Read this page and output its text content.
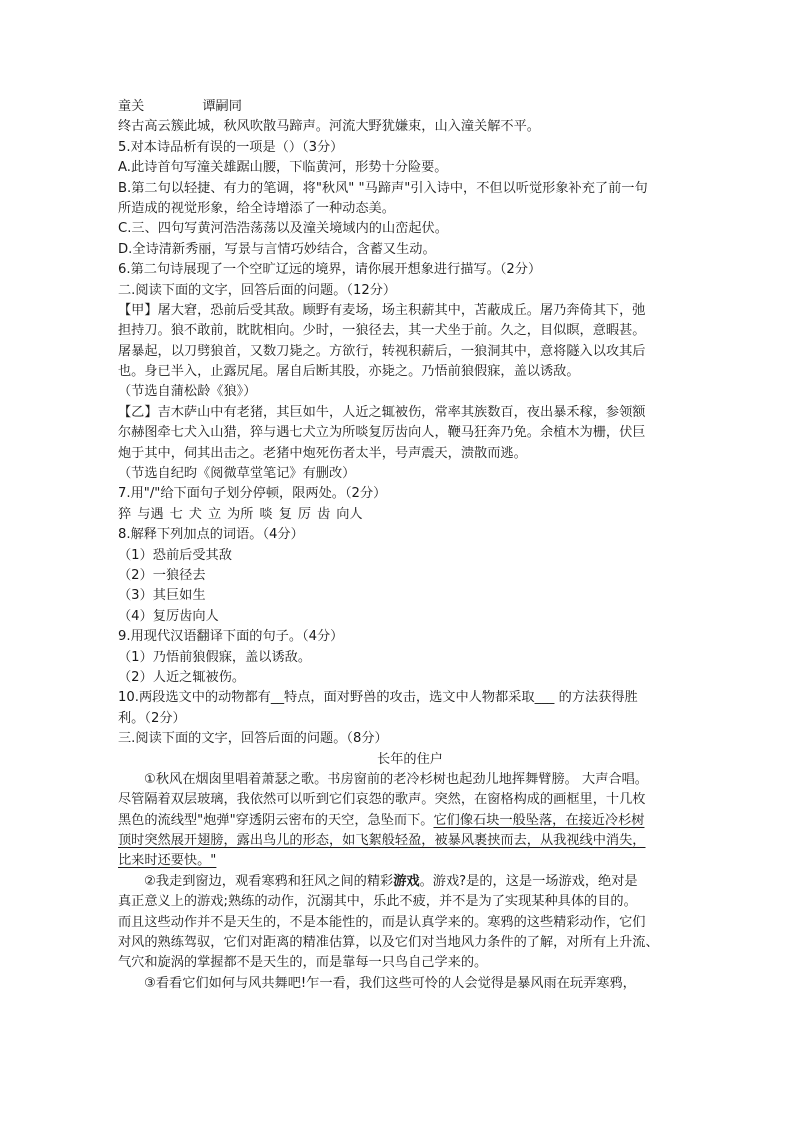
童关	谭嗣同
终古高云簇此城，秋风吹散马蹄声。河流大野犹嫌束，山入潼关解不平。
5.对本诗品析有误的一项是（）（3分）
A.此诗首句写潼关雄踞山腰，下临黄河，形势十分险要。
B.第二句以轻捷、有力的笔调，将"秋风" "马蹄声"引入诗中，不但以听觉形象补充了前一句
所造成的视觉形象，给全诗增添了一种动态美。
C.三、四句写黄河浩浩荡荡以及潼关境域内的山峦起伏。
D.全诗清新秀丽，写景与言情巧妙结合，含蓄又生动。
6.第二句诗展现了一个空旷辽远的境界，请你展开想象进行描写。（2分）
二.阅读下面的文字，回答后面的问题。（12分）
【甲】屠大窘，恐前后受其敌。顾野有麦场，场主积薪其中，苫蔽成丘。屠乃奔倚其下，弛
担持刀。狼不敢前，眈眈相向。少时，一狼径去，其一犬坐于前。久之，目似瞑，意暇甚。
屠暴起，以刀劈狼首，又数刀毙之。方欲行，转视积薪后，一狼洞其中，意将隧入以攻其后
也。身已半入，止露尻尾。屠自后断其股，亦毙之。乃悟前狼假寐，盖以诱敌。
（节选自蒲松龄《狼》）
【乙】吉木萨山中有老猪，其巨如牛，人近之辄被伤，常率其族数百，夜出暴禾稼，参领额
尔赫图牵七犬入山猎，猝与遇七犬立为所啖复厉齿向人，鞭马狂奔乃免。余植木为栅，伏巨
炮于其中，伺其出击之。老猪中炮死伤者太半，号声震天，溃散而逃。
（节选自纪昀《阅微草堂笔记》有删改）
7.用"/"给下面句子划分停顿，限两处。（2分）
猝 与遇 七 犬 立 为所 啖 复 厉 齿 向人
8.解释下列加点的词语。（4分）
（1）恐前后受其敌
（2）一狼径去
（3）其巨如生
（4）复厉齿向人
9.用现代汉语翻译下面的句子。（4分）
（1）乃悟前狼假寐，盖以诱敌。
（2）人近之辄被伤。
10.两段选文中的动物都有__特点，面对野兽的攻击，选文中人物都采取___ 的方法获得胜
利。（2分）
三.阅读下面的文字，回答后面的问题。（8分）
长年的住户
①秋风在烟囱里唱着萧瑟之歌。书房窗前的老冷杉树也起劲儿地挥舞臂膀。 大声合唱。
尽管隔着双层玻璃，我依然可以听到它们哀怨的歌声。突然，在窗格构成的画框里，十几枚
黑色的流线型"炮弹"穿透阴云密布的天空，急坠而下。它们像石块一般坠落，在接近冷杉树
顶时突然展开翅膀，露出鸟儿的形态，如飞絮般轻盈，被暴风裹挟而去，从我视线中消失，
比来时还要快。"
②我走到窗边，观看寒鸦和狂风之间的精彩游戏。游戏?是的，这是一场游戏，绝对是
真正意义上的游戏;熟练的动作，沉溺其中，乐此不疲，并不是为了实现某种具体的目的。
而且这些动作并不是天生的，不是本能性的，而是认真学来的。寒鸦的这些精彩动作，它们
对风的熟练驾驭，它们对距离的精准估算，以及它们对当地风力条件的了解，对所有上升流、
气穴和旋涡的掌握都不是天生的，而是靠每一只鸟自己学来的。
③看看它们如何与风共舞吧!乍一看，我们这些可怜的人会觉得是暴风雨在玩弄寒鸦，
